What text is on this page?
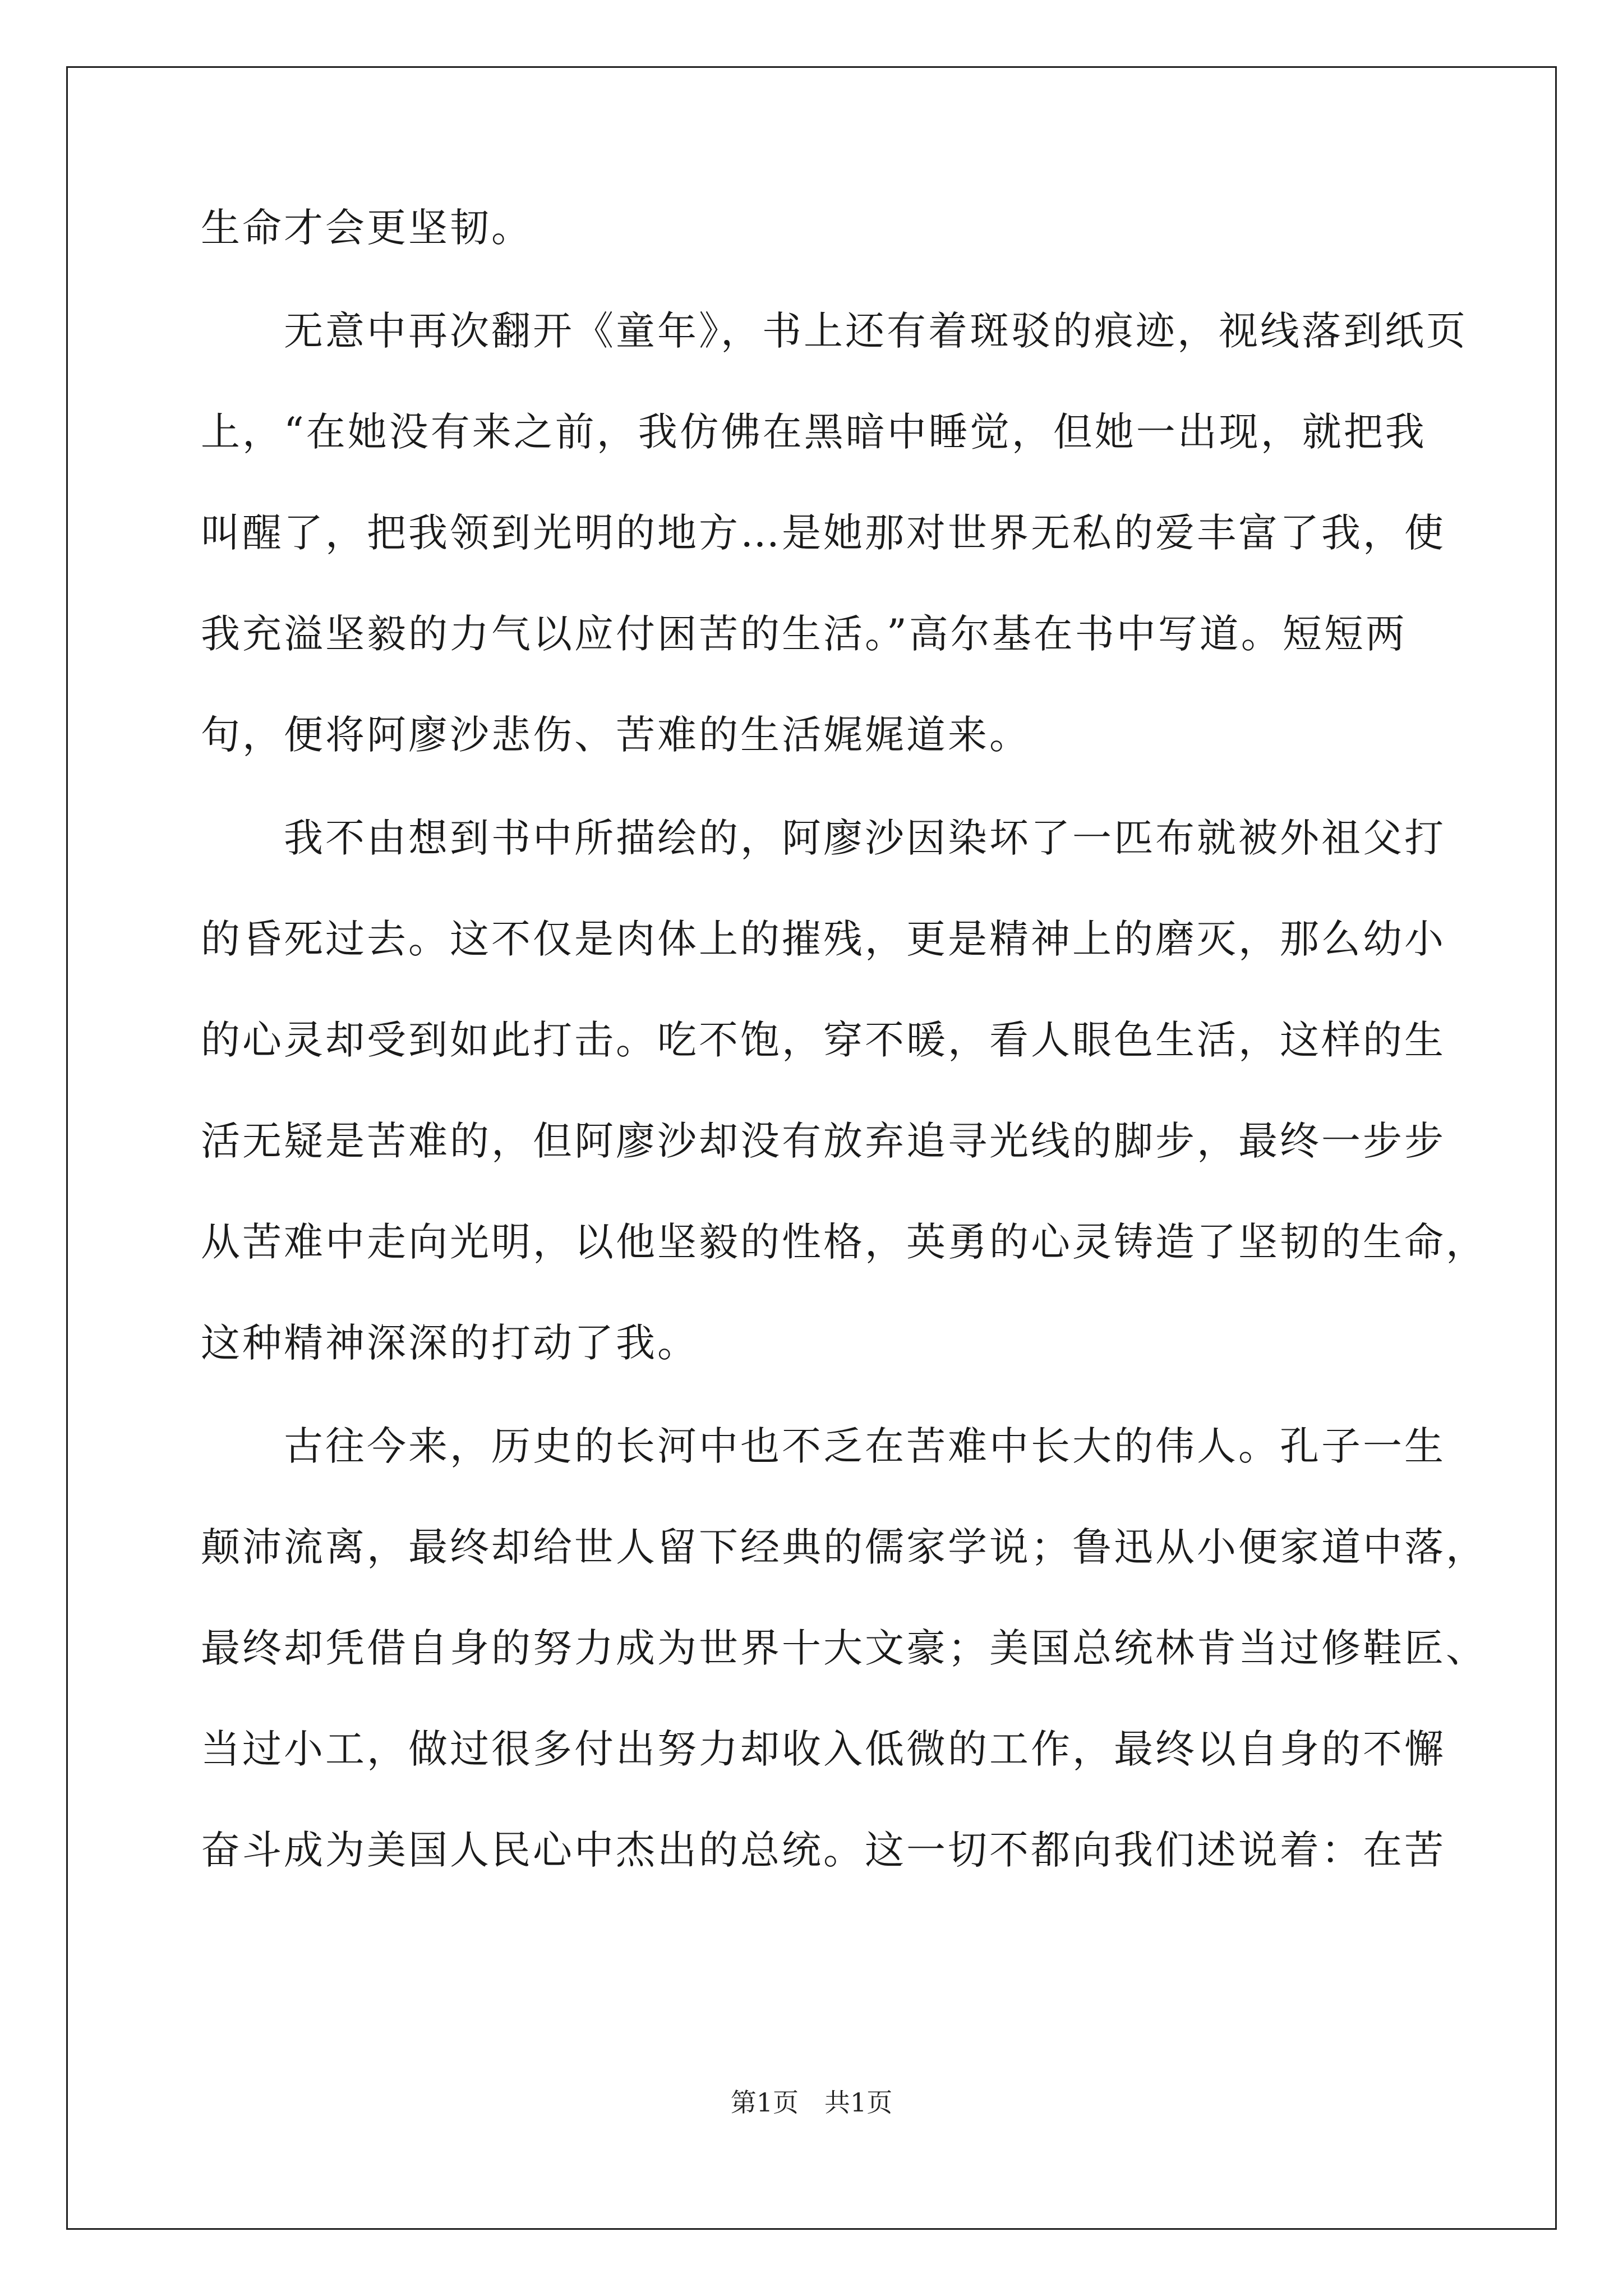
生命才会更坚韧。
　　无意中再次翻开《童年》，书上还有着斑驳的痕迹，视线落到纸页
上，“在她没有来之前，我仿佛在黑暗中睡觉，但她一出现，就把我
叫醒了，把我领到光明的地方…是她那对世界无私的爱丰富了我，使
我充溢坚毅的力气以应付困苦的生活。”高尔基在书中写道。短短两
句，便将阿廖沙悲伤、苦难的生活娓娓道来。
　　我不由想到书中所描绘的，阿廖沙因染坏了一匹布就被外祖父打
的昏死过去。这不仅是肉体上的摧残，更是精神上的磨灭，那么幼小
的心灵却受到如此打击。吃不饱，穿不暖，看人眼色生活，这样的生
活无疑是苦难的，但阿廖沙却没有放弃追寻光线的脚步，最终一步步
从苦难中走向光明，以他坚毅的性格，英勇的心灵铸造了坚韧的生命，
这种精神深深的打动了我。
　　古往今来，历史的长河中也不乏在苦难中长大的伟人。孔子一生
颠沛流离，最终却给世人留下经典的儒家学说；鲁迅从小便家道中落，
最终却凭借自身的努力成为世界十大文豪；美国总统林肯当过修鞋匠、
当过小工，做过很多付出努力却收入低微的工作，最终以自身的不懈
奋斗成为美国人民心中杰出的总统。这一切不都向我们述说着：在苦
第1页　共1页
